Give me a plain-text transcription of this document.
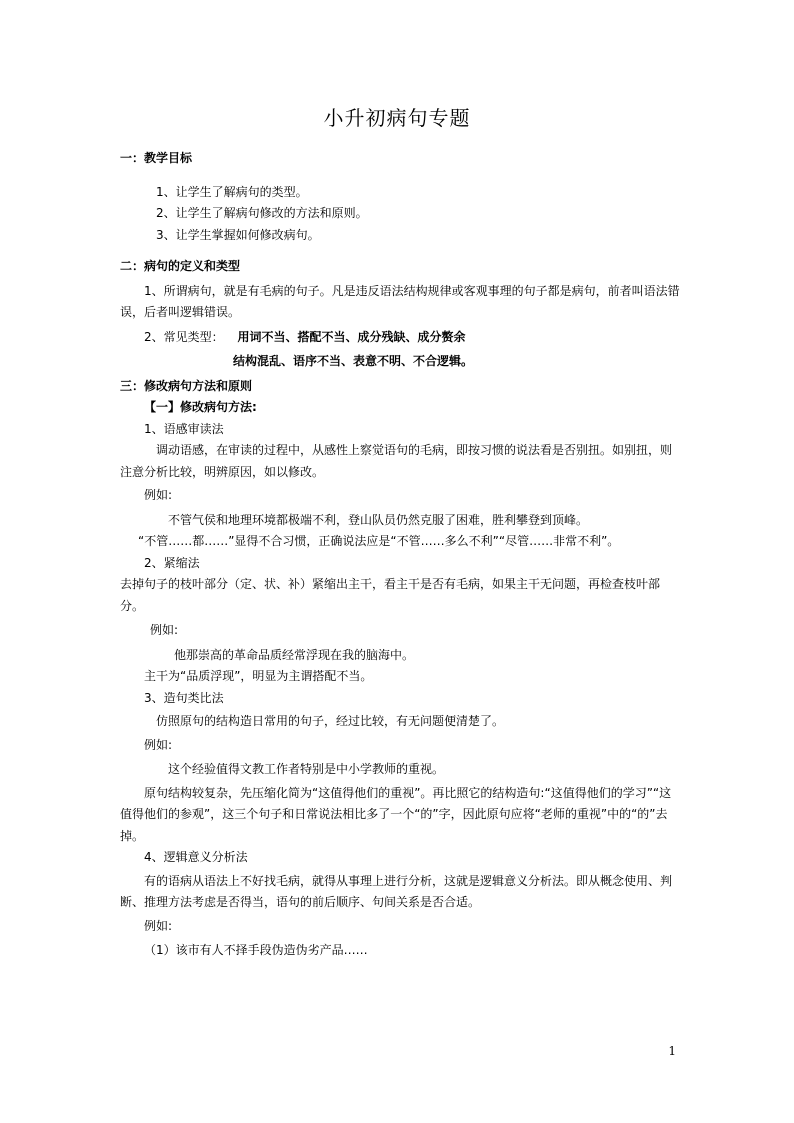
小升初病句专题

一：教学目标

1、让学生了解病句的类型。

2、让学生了解病句修改的方法和原则。

3、让学生掌握如何修改病句。

二：病句的定义和类型

1、所谓病句，就是有毛病的句子。凡是违反语法结构规律或客观事理的句子都是病句，前者叫语法错误，后者叫逻辑错误。

2、常见类型： 用词不当、搭配不当、成分残缺、成分赘余

结构混乱、语序不当、表意不明、不合逻辑。

三：修改病句方法和原则

【一】修改病句方法:

1、语感审读法

调动语感，在审读的过程中，从感性上察觉语句的毛病，即按习惯的说法看是否别扭。如别扭，则注意分析比较，明辨原因，如以修改。

例如:

不管气侯和地理环境都极端不利，登山队员仍然克服了困难，胜利攀登到顶峰。

“不管……都……”显得不合习惯，正确说法应是“不管……多么不利”“尽管……非常不利”。

2、紧缩法

去掉句子的枝叶部分（定、状、补）紧缩出主干，看主干是否有毛病，如果主干无问题，再检查枝叶部分。

例如:

他那崇高的革命品质经常浮现在我的脑海中。

主干为“品质浮现”，明显为主谓搭配不当。

3、造句类比法

仿照原句的结构造日常用的句子，经过比较，有无问题便清楚了。

例如:

这个经验值得文教工作者特别是中小学教师的重视。

原句结构较复杂，先压缩化简为“这值得他们的重视”。再比照它的结构造句:“这值得他们的学习”“这值得他们的参观”，这三个句子和日常说法相比多了一个“的”字，因此原句应将“老师的重视”中的“的”去掉。

4、逻辑意义分析法

有的语病从语法上不好找毛病，就得从事理上进行分析，这就是逻辑意义分析法。即从概念使用、判断、推理方法考虑是否得当，语句的前后顺序、句间关系是否合适。

例如:

（1）该市有人不择手段伪造伪劣产品……

1
